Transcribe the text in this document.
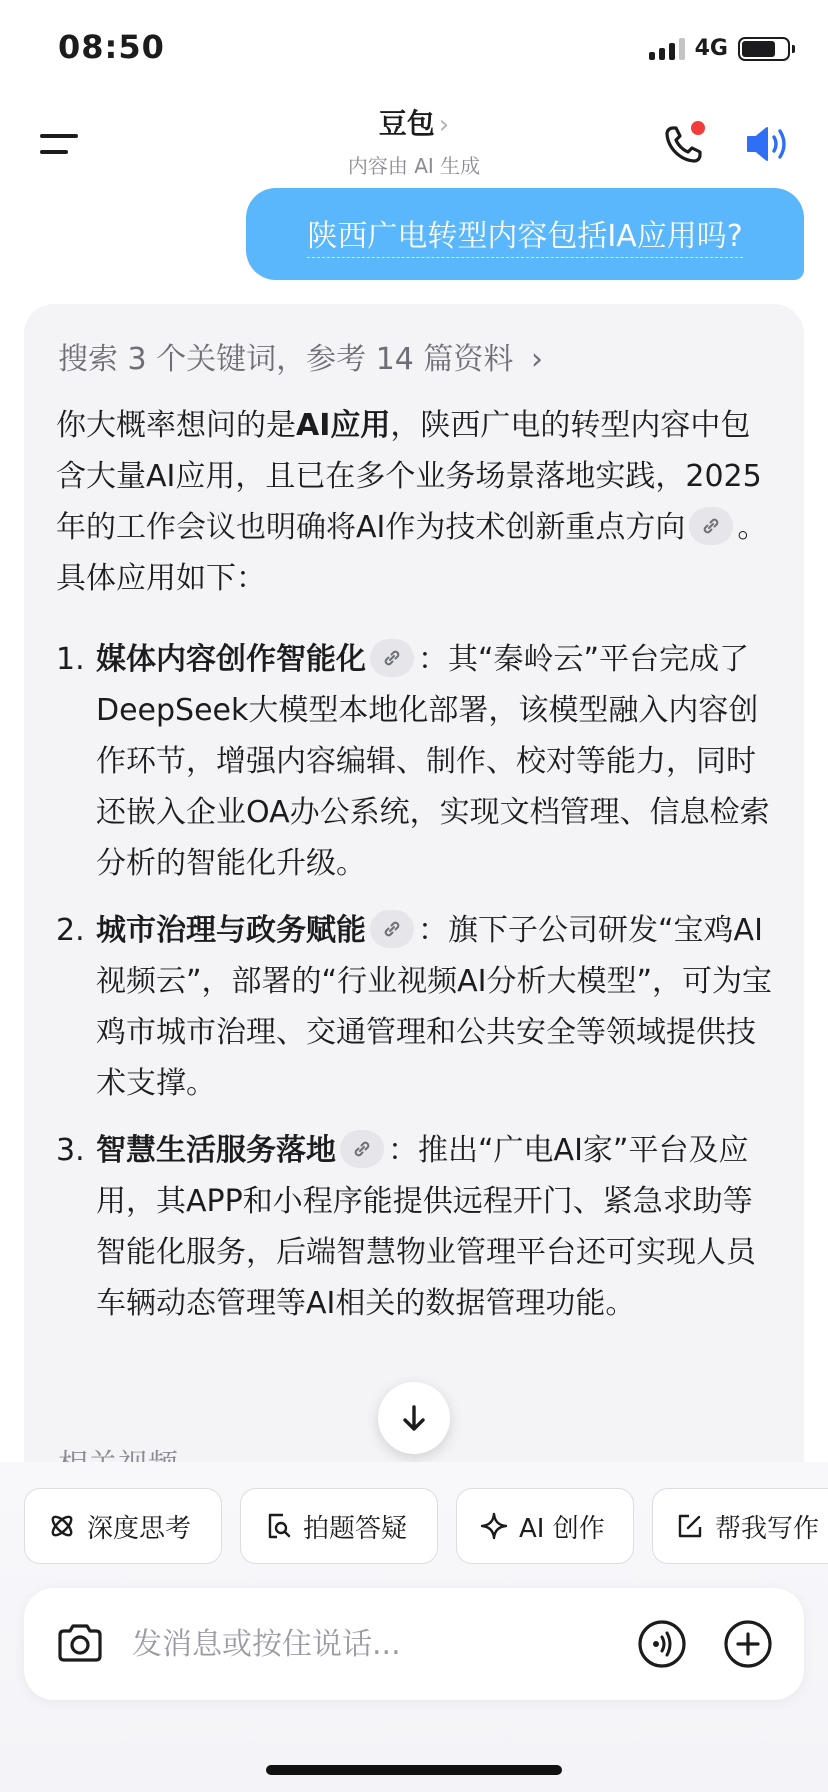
08:50	4G
豆包 ›
内容由 AI 生成
陕西广电转型内容包括IA应用吗?
搜索 3 个关键词，参考 14 篇资料 ›

你大概率想问的是AI应用，陕西广电的转型内容中包含大量AI应用，且已在多个业务场景落地实践，2025年的工作会议也明确将AI作为技术创新重点方向 。具体应用如下：

1. 媒体内容创作智能化 ：其“秦岭云”平台完成了DeepSeek大模型本地化部署，该模型融入内容创作环节，增强内容编辑、制作、校对等能力，同时还嵌入企业OA办公系统，实现文档管理、信息检索分析的智能化升级。
2. 城市治理与政务赋能 ：旗下子公司研发“宝鸡AI视频云”，部署的“行业视频AI分析大模型”，可为宝鸡市城市治理、交通管理和公共安全等领域提供技术支撑。
3. 智慧生活服务落地 ：推出“广电AI家”平台及应用，其APP和小程序能提供远程开门、紧急求助等智能化服务，后端智慧物业管理平台还可实现人员车辆动态管理等AI相关的数据管理功能。
深度思考	拍题答疑	AI 创作	帮我写作
发消息或按住说话...
